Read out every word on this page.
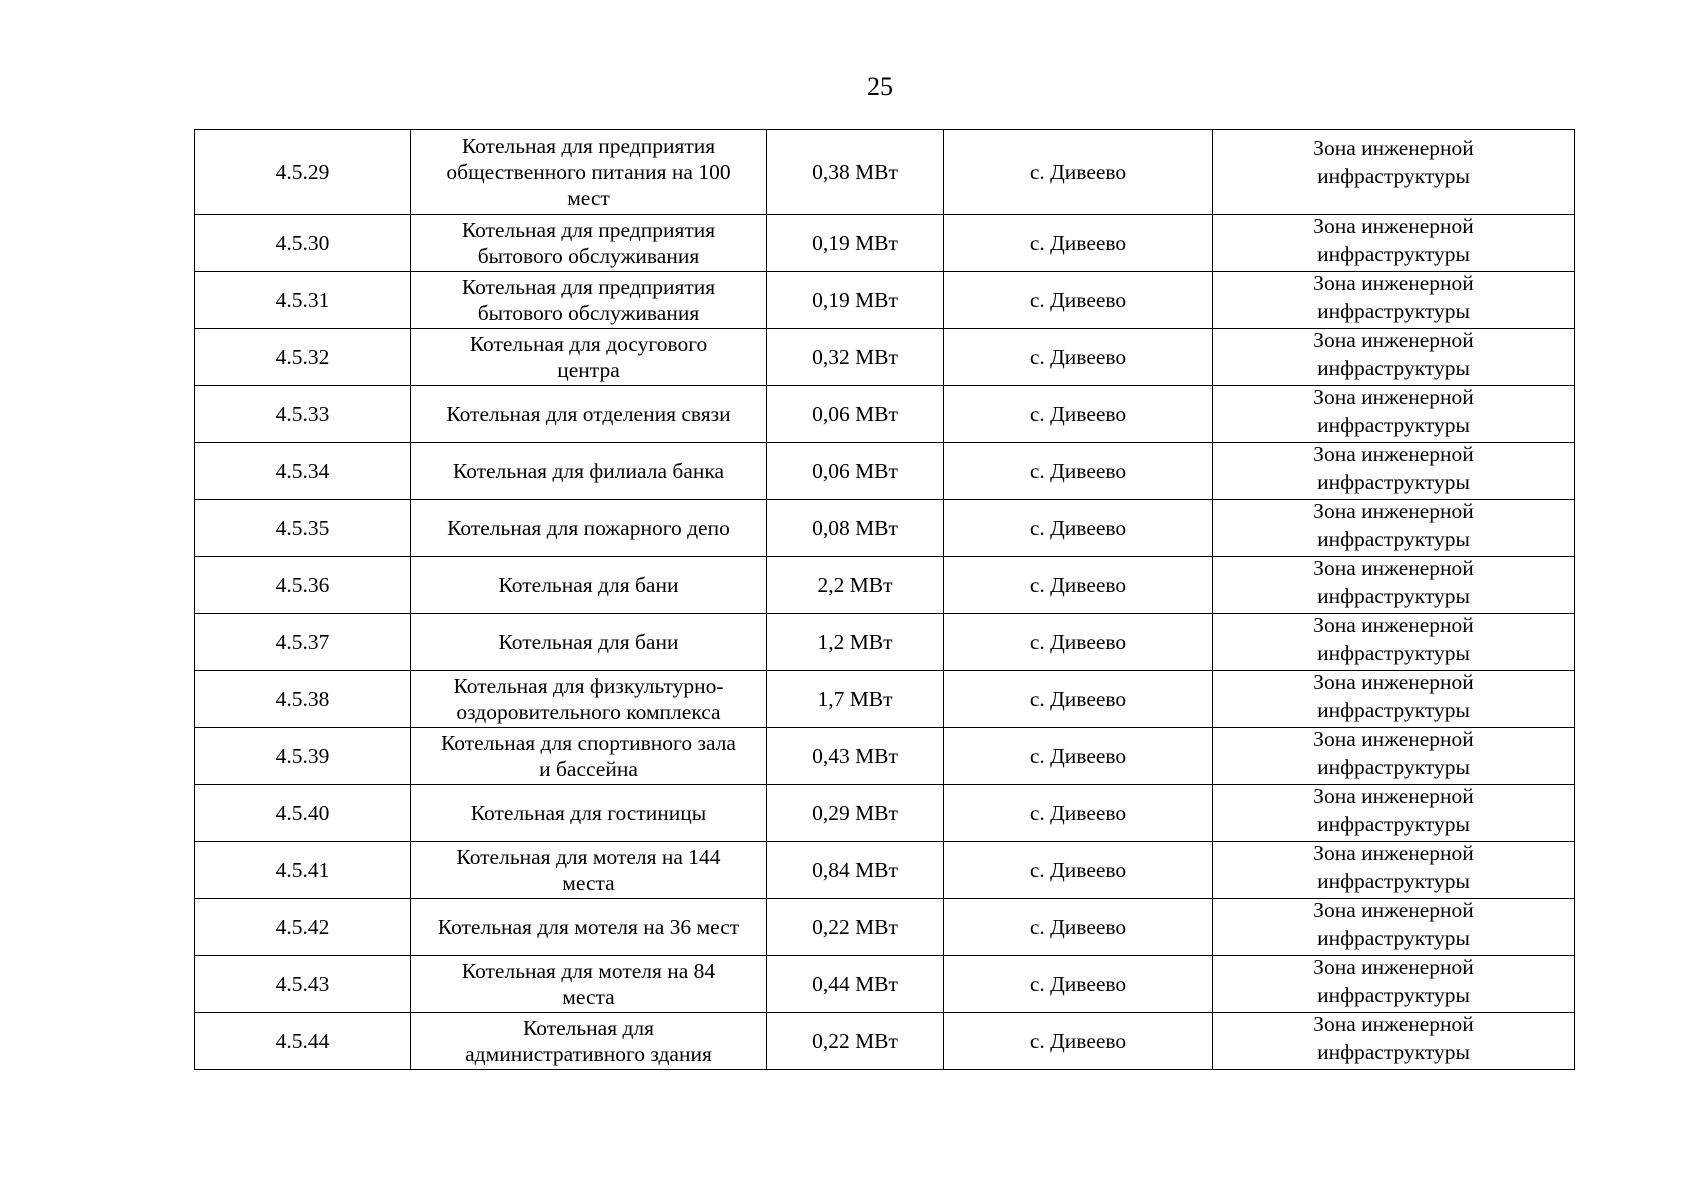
25
4.5.29	Котельная для предприятия
общественного питания на 100
мест	0,38 МВт	с. Дивеево	Зона инженерной инфраструктуры

4.5.30	Котельная для предприятия
бытового обслуживания	0,19 МВт	с. Дивеево	Зона инженерной инфраструктуры

4.5.31	Котельная для предприятия
бытового обслуживания	0,19 МВт	с. Дивеево	Зона инженерной инфраструктуры

4.5.32	Котельная для досугового
центра	0,32 МВт	с. Дивеево	Зона инженерной инфраструктуры

4.5.33	Котельная для отделения связи	0,06 МВт	с. Дивеево	Зона инженерной инфраструктуры

4.5.34	Котельная для филиала банка	0,06 МВт	с. Дивеево	Зона инженерной инфраструктуры

4.5.35	Котельная для пожарного депо	0,08 МВт	с. Дивеево	Зона инженерной инфраструктуры

4.5.36	Котельная для бани	2,2 МВт	с. Дивеево	Зона инженерной инфраструктуры

4.5.37	Котельная для бани	1,2 МВт	с. Дивеево	Зона инженерной инфраструктуры

4.5.38	Котельная для физкультурно-
оздоровительного комплекса	1,7 МВт	с. Дивеево	Зона инженерной инфраструктуры

4.5.39	Котельная для спортивного зала
и бассейна	0,43 МВт	с. Дивеево	Зона инженерной инфраструктуры

4.5.40	Котельная для гостиницы	0,29 МВт	с. Дивеево	Зона инженерной инфраструктуры

4.5.41	Котельная для мотеля на 144
места	0,84 МВт	с. Дивеево	Зона инженерной инфраструктуры

4.5.42	Котельная для мотеля на 36 мест	0,22 МВт	с. Дивеево	Зона инженерной инфраструктуры

4.5.43	Котельная для мотеля на 84
места	0,44 МВт	с. Дивеево	Зона инженерной инфраструктуры

4.5.44	Котельная для
административного здания	0,22 МВт	с. Дивеево	Зона инженерной инфраструктуры
